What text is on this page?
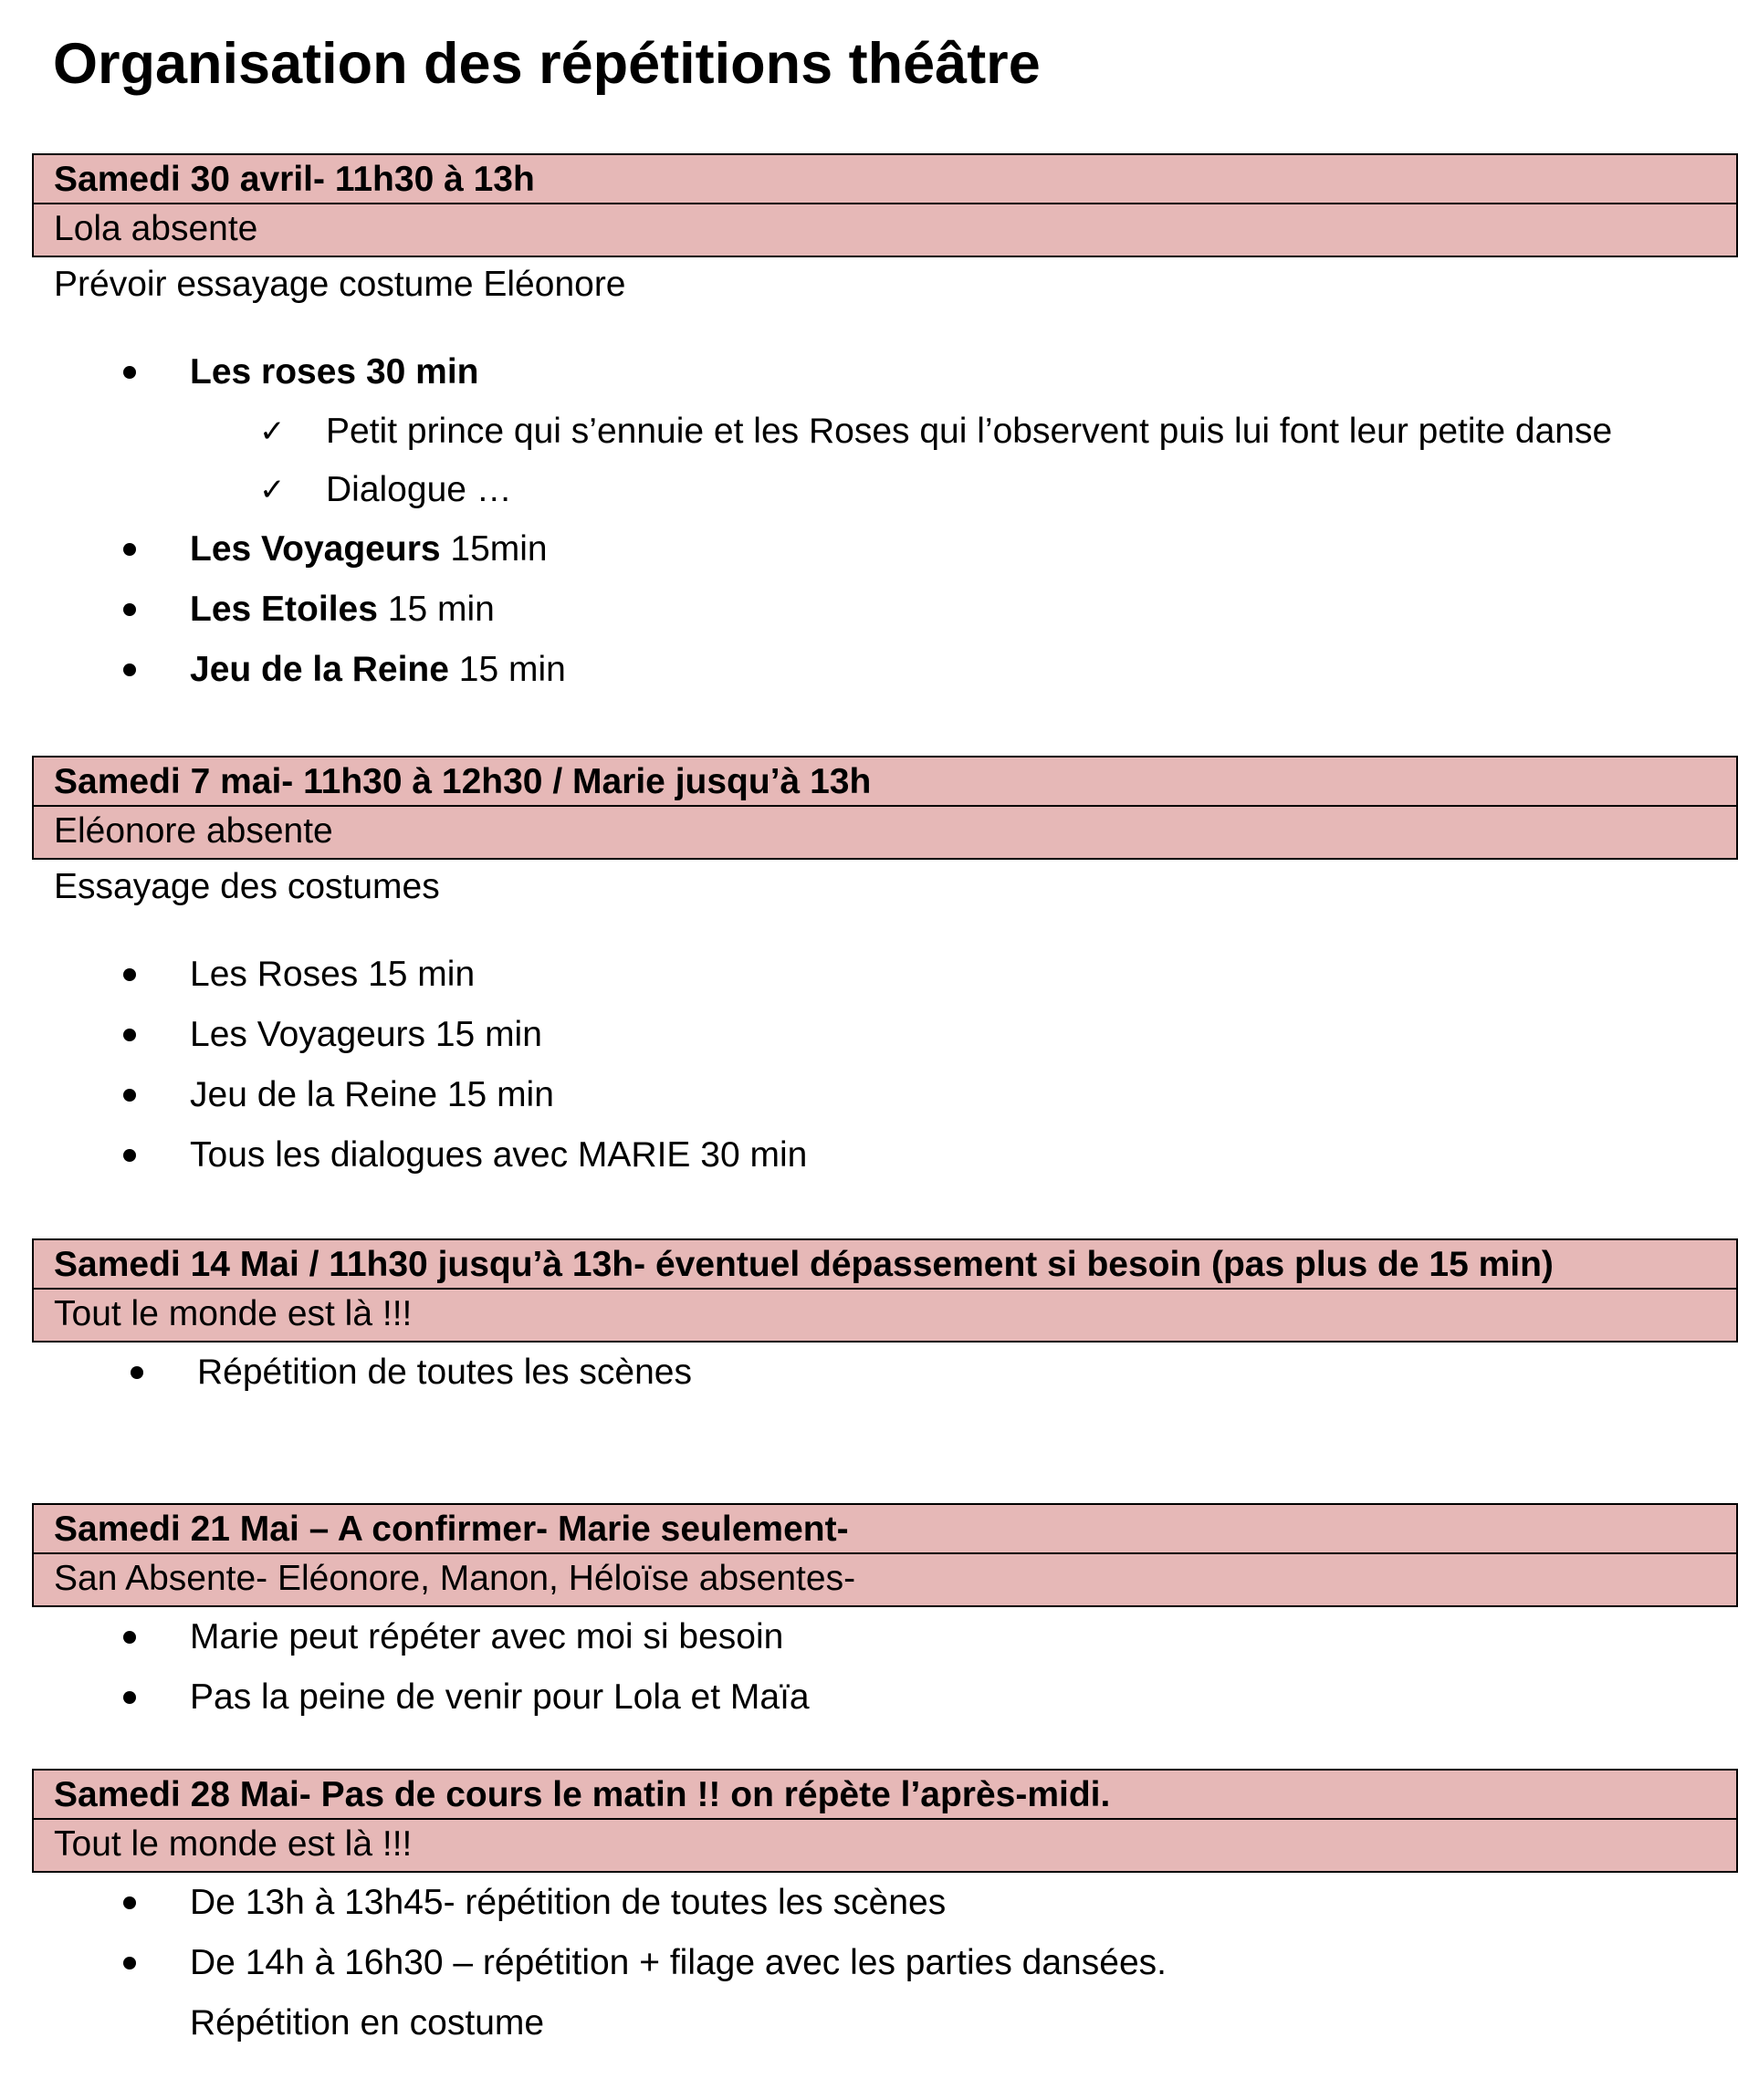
Organisation des répétitions théâtre
Samedi 30 avril- 11h30 à 13h
Lola absente
Prévoir essayage costume Eléonore
Les roses 30 min
✓ Petit prince qui s’ennuie et les Roses qui l’observent puis lui font leur petite danse
✓ Dialogue …
Les Voyageurs 15min
Les Etoiles 15 min
Jeu de la Reine 15 min
Samedi 7 mai- 11h30 à 12h30 / Marie jusqu’à 13h
Eléonore absente
Essayage des costumes
Les Roses 15 min
Les Voyageurs 15 min
Jeu de la Reine 15 min
Tous les dialogues avec MARIE 30 min
Samedi 14 Mai / 11h30 jusqu’à 13h- éventuel dépassement si besoin (pas plus de 15 min)
Tout le monde est là !!!
Répétition de toutes les scènes
Samedi 21 Mai – A confirmer- Marie seulement-
San Absente- Eléonore, Manon, Héloïse absentes-
Marie peut répéter avec moi si besoin
Pas la peine de venir pour Lola et Maïa
Samedi 28 Mai- Pas de cours le matin !! on répète l’après-midi.
Tout le monde est là !!!
De 13h à 13h45- répétition de toutes les scènes
De 14h à 16h30 – répétition + filage avec les parties dansées.
Répétition en costume
